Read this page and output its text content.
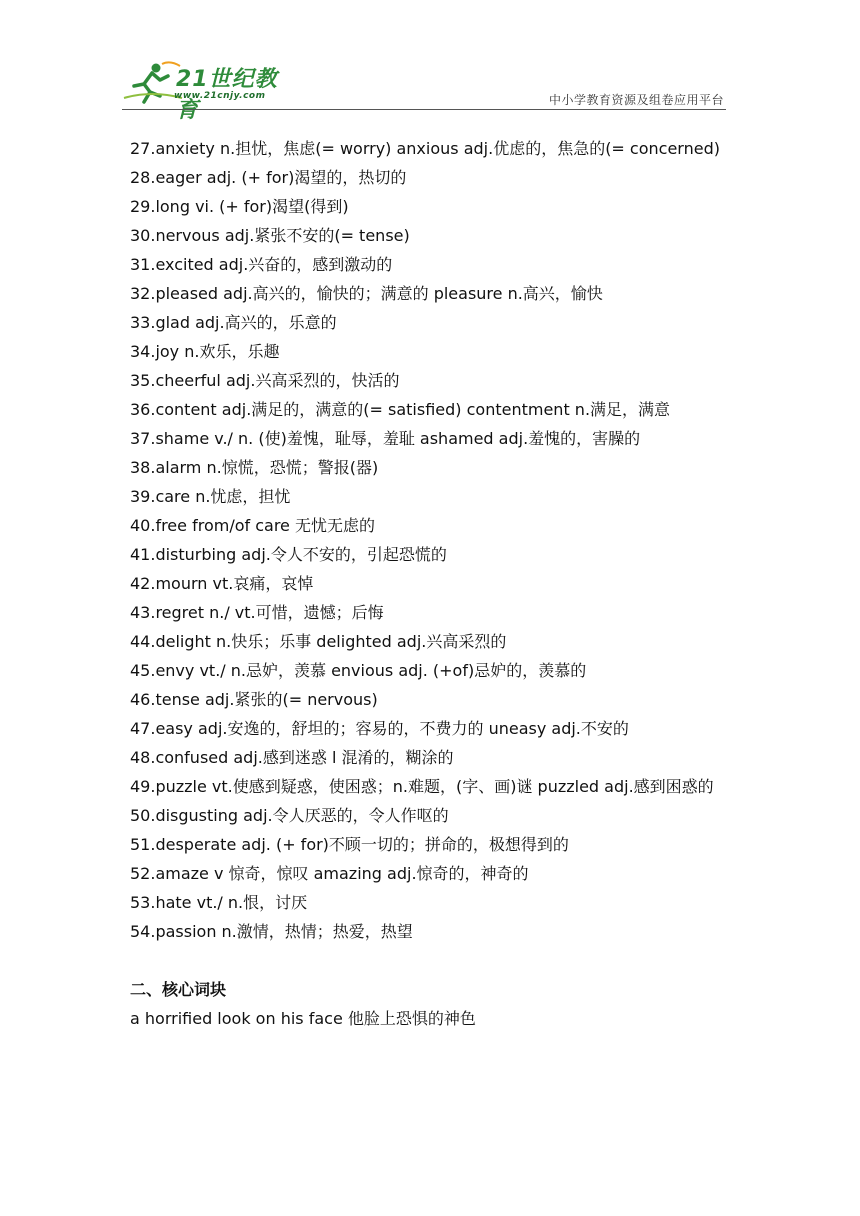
21世纪教育
www.21cnjy.com	中小学教育资源及组卷应用平台

27.anxiety n.担忧，焦虑(= worry) anxious adj.优虑的，焦急的(= concerned)

28.eager adj. (+ for)渴望的，热切的

29.long vi. (+ for)渴望(得到)

30.nervous adj.紧张不安的(= tense)

31.excited adj.兴奋的，感到激动的

32.pleased adj.高兴的，愉快的；满意的 pleasure n.高兴，愉快

33.glad adj.高兴的，乐意的

34.joy n.欢乐，乐趣

35.cheerful adj.兴高采烈的，快活的

36.content adj.满足的，满意的(= satisfied) contentment n.满足，满意

37.shame v./ n. (使)羞愧，耻辱，羞耻 ashamed adj.羞愧的，害臊的

38.alarm n.惊慌，恐慌；警报(器)

39.care n.忧虑，担忧

40.free from/of care 无忧无虑的

41.disturbing adj.令人不安的，引起恐慌的

42.mourn vt.哀痛，哀悼

43.regret n./ vt.可惜，遗憾；后悔

44.delight n.快乐；乐事 delighted adj.兴高采烈的

45.envy vt./ n.忌妒，羡慕 envious adj. (+of)忌妒的，羡慕的

46.tense adj.紧张的(= nervous)

47.easy adj.安逸的，舒坦的；容易的，不费力的 uneasy adj.不安的

48.confused adj.感到迷惑 l 混淆的，糊涂的

49.puzzle vt.使感到疑惑，使困惑；n.难题，(字、画)谜 puzzled adj.感到困惑的

50.disgusting adj.令人厌恶的，令人作呕的

51.desperate adj. (+ for)不顾一切的；拼命的，极想得到的

52.amaze v 惊奇，惊叹 amazing adj.惊奇的，神奇的

53.hate vt./ n.恨，讨厌

54.passion n.激情，热情；热爱，热望

二、核心词块

a horrified look on his face 他脸上恐惧的神色
